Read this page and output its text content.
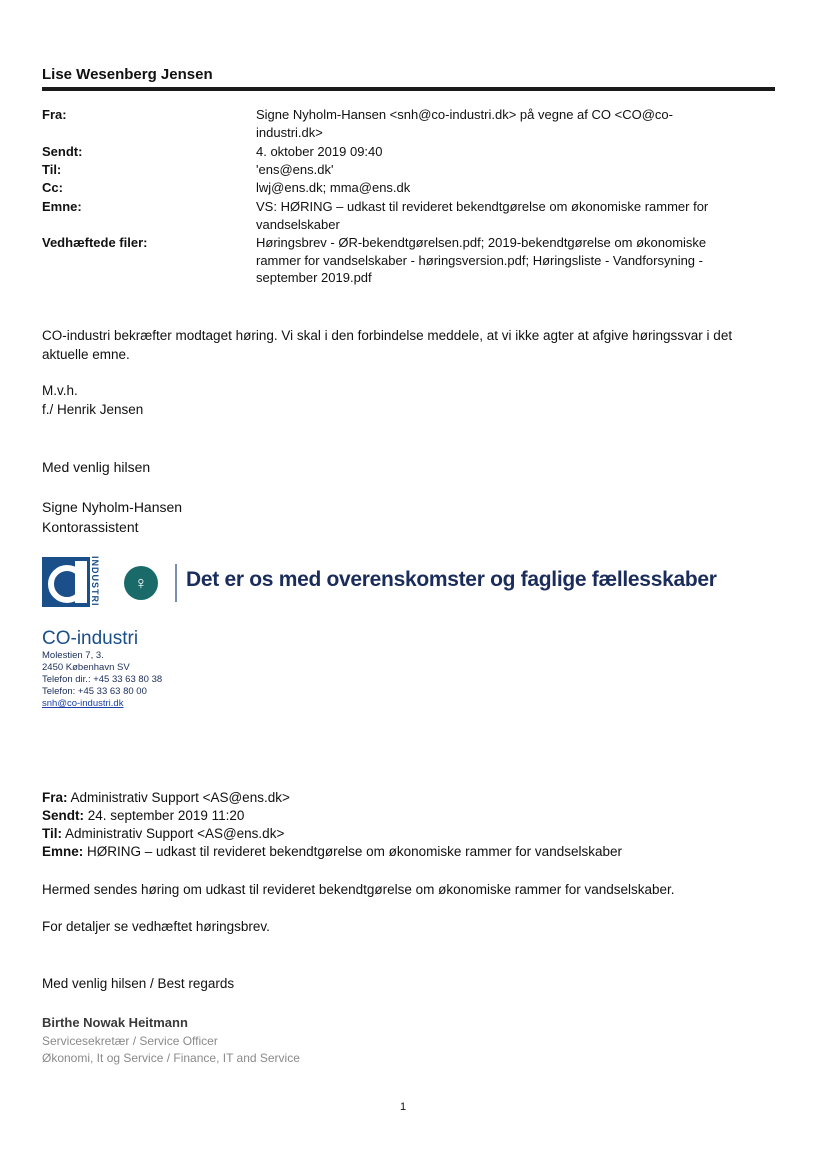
Lise Wesenberg Jensen
Fra:	Signe Nyholm-Hansen <snh@co-industri.dk> på vegne af CO <CO@co-
industri.dk>
Sendt:	4. oktober 2019 09:40
Til:	'ens@ens.dk'
Cc:	lwj@ens.dk; mma@ens.dk
Emne:	VS: HØRING – udkast til revideret bekendtgørelse om økonomiske rammer for
vandselskaber
Vedhæftede filer:	Høringsbrev - ØR-bekendtgørelsen.pdf; 2019-bekendtgørelse om økonomiske
rammer for vandselskaber - høringsversion.pdf; Høringsliste - Vandforsyning -
september 2019.pdf
CO-industri bekræfter modtaget høring. Vi skal i den forbindelse meddele, at vi ikke agter at afgive høringssvar i det
aktuelle emne.
M.v.h.
f./ Henrik Jensen
Med venlig hilsen
Signe Nyholm-Hansen
Kontorassistent
INDUSTRI	♀	Det er os med overenskomster og faglige fællesskaber
CO-industri
Molestien 7, 3.
2450 København SV
Telefon dir.: +45 33 63 80 38
Telefon: +45 33 63 80 00
snh@co-industri.dk
Fra: Administrativ Support <AS@ens.dk>
Sendt: 24. september 2019 11:20
Til: Administrativ Support <AS@ens.dk>
Emne: HØRING – udkast til revideret bekendtgørelse om økonomiske rammer for vandselskaber
Hermed sendes høring om udkast til revideret bekendtgørelse om økonomiske rammer for vandselskaber.
For detaljer se vedhæftet høringsbrev.
Med venlig hilsen / Best regards
Birthe Nowak Heitmann
Servicesekretær / Service Officer
Økonomi, It og Service / Finance, IT and Service
1
